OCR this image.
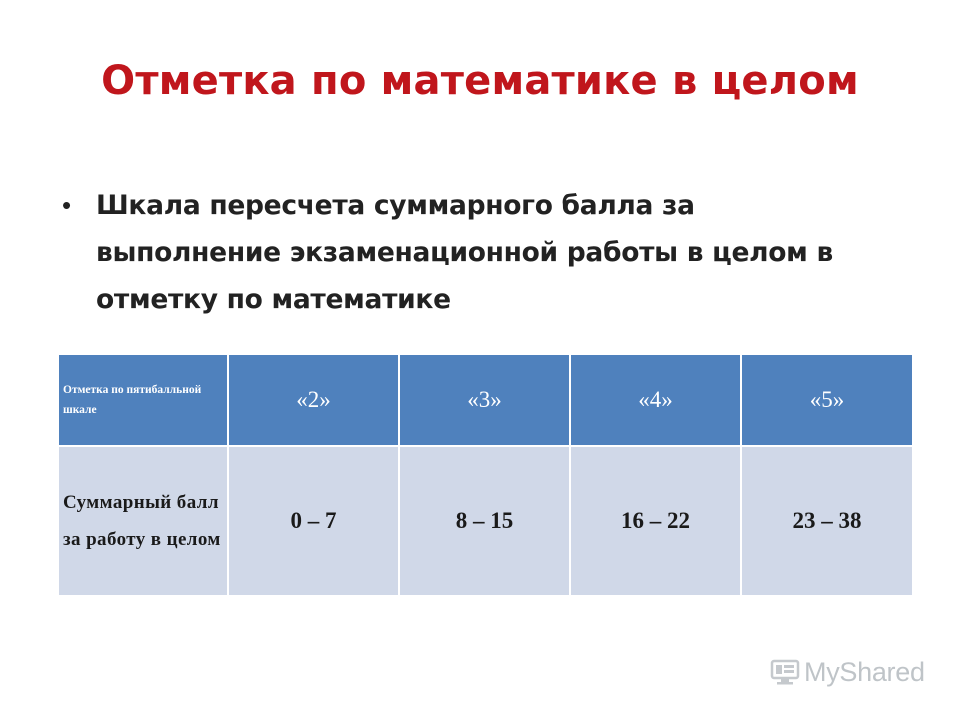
Отметка по математике в целом
• Шкала пересчета суммарного балла за выполнение экзаменационной работы в целом в отметку по математике
Отметка по пятибалльной шкале	«2»	«3»	«4»	«5»
Суммарный балл за работу в целом	0 – 7	8 – 15	16 – 22	23 – 38
MyShared
